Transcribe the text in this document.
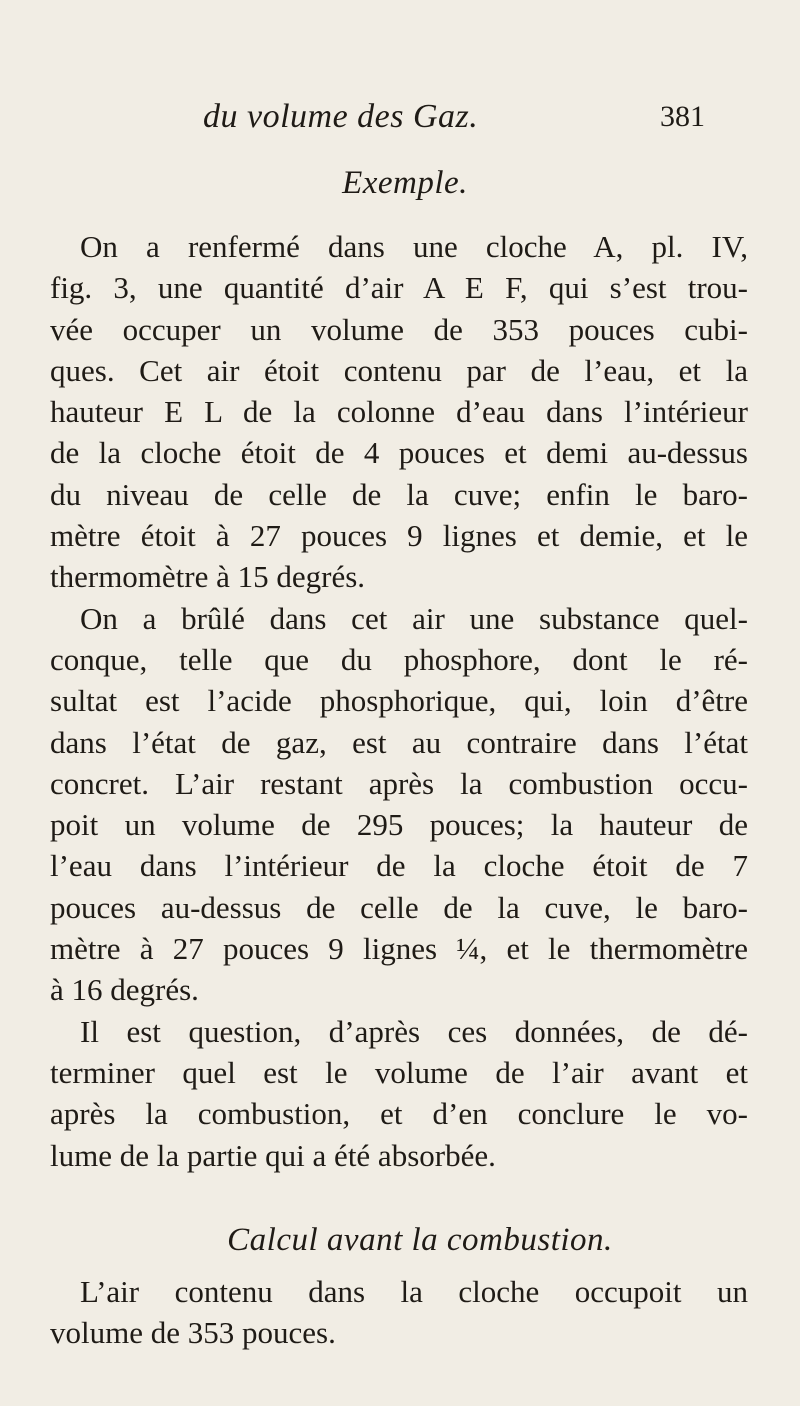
du volume des Gaz.	381
Exemple.
On a renfermé dans une cloche A, pl. IV,
fig. 3, une quantité d’air A E F, qui s’est trou-
vée occuper un volume de 353 pouces cubi-
ques. Cet air étoit contenu par de l’eau, et la
hauteur E L de la colonne d’eau dans l’intérieur
de la cloche étoit de 4 pouces et demi au-dessus
du niveau de celle de la cuve; enfin le baro-
mètre étoit à 27 pouces 9 lignes et demie, et le
thermomètre à 15 degrés.
On a brûlé dans cet air une substance quel-
conque, telle que du phosphore, dont le ré-
sultat est l’acide phosphorique, qui, loin d’être
dans l’état de gaz, est au contraire dans l’état
concret. L’air restant après la combustion occu-
poit un volume de 295 pouces; la hauteur de
l’eau dans l’intérieur de la cloche étoit de 7
pouces au-dessus de celle de la cuve, le baro-
mètre à 27 pouces 9 lignes ¼, et le thermomètre
à 16 degrés.
Il est question, d’après ces données, de dé-
terminer quel est le volume de l’air avant et
après la combustion, et d’en conclure le vo-
lume de la partie qui a été absorbée.
Calcul avant la combustion.
L’air contenu dans la cloche occupoit un
volume de 353 pouces.
